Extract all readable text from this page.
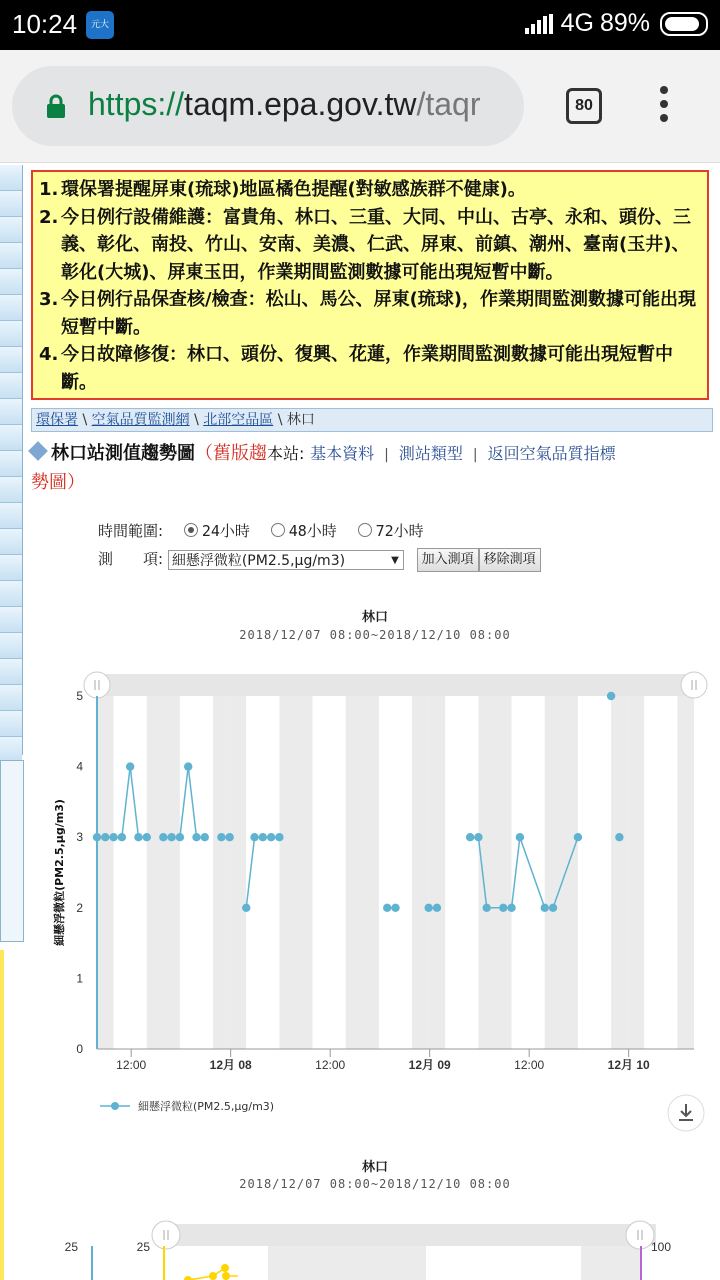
10:24	元大	4G 89%
https://taqm.epa.gov.tw/taqr	80
1. 環保署提醒屏東(琉球)地區橘色提醒(對敏感族群不健康)。
2. 今日例行設備維護：富貴角、林口、三重、大同、中山、古亭、永和、頭份、三義、彰化、南投、竹山、安南、美濃、仁武、屏東、前鎮、潮州、臺南(玉井)、彰化(大城)、屏東玉田，作業期間監測數據可能出現短暫中斷。
3. 今日例行品保查核/檢查：松山、馬公、屏東(琉球)，作業期間監測數據可能出現短暫中斷。
4. 今日故障修復：林口、頭份、復興、花蓮，作業期間監測數據可能出現短暫中斷。
環保署 \ 空氣品質監測網 \ 北部空品區 \ 林口
林口站測值趨勢圖（舊版趨本站: 基本資料 | 測站類型 | 返回空氣品質指標
勢圖）
時間範圍:	24小時	48小時	72小時
測　　項: 細懸浮微粒(PM2.5,μg/m3)	▼ 加入測項 移除測項
林口
2018/12/07 08:00~2018/12/10 08:00
0
1
2
3
4
5
細懸浮微粒(PM2.5,μg/m3)
12:00	12月 08	12:00	12月 09	12:00	12月 10
細懸浮微粒(PM2.5,μg/m3)
林口
2018/12/07 08:00~2018/12/10 08:00
25	25	100
